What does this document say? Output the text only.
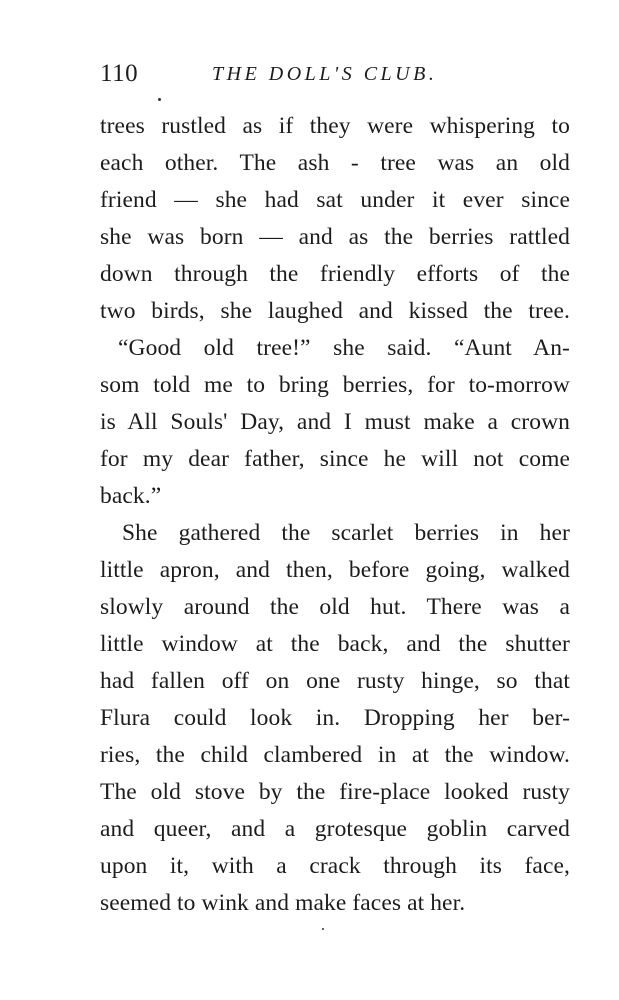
110	THE DOLL'S CLUB.
trees rustled as if they were whispering to
each other. The ash - tree was an old
friend — she had sat under it ever since
she was born — and as the berries rattled
down through the friendly efforts of the
two birds, she laughed and kissed the tree.
“Good old tree!” she said. “Aunt An-
som told me to bring berries, for to-morrow
is All Souls' Day, and I must make a crown
for my dear father, since he will not come
back.”
She gathered the scarlet berries in her
little apron, and then, before going, walked
slowly around the old hut. There was a
little window at the back, and the shutter
had fallen off on one rusty hinge, so that
Flura could look in. Dropping her ber-
ries, the child clambered in at the window.
The old stove by the fire-place looked rusty
and queer, and a grotesque goblin carved
upon it, with a crack through its face,
seemed to wink and make faces at her.
